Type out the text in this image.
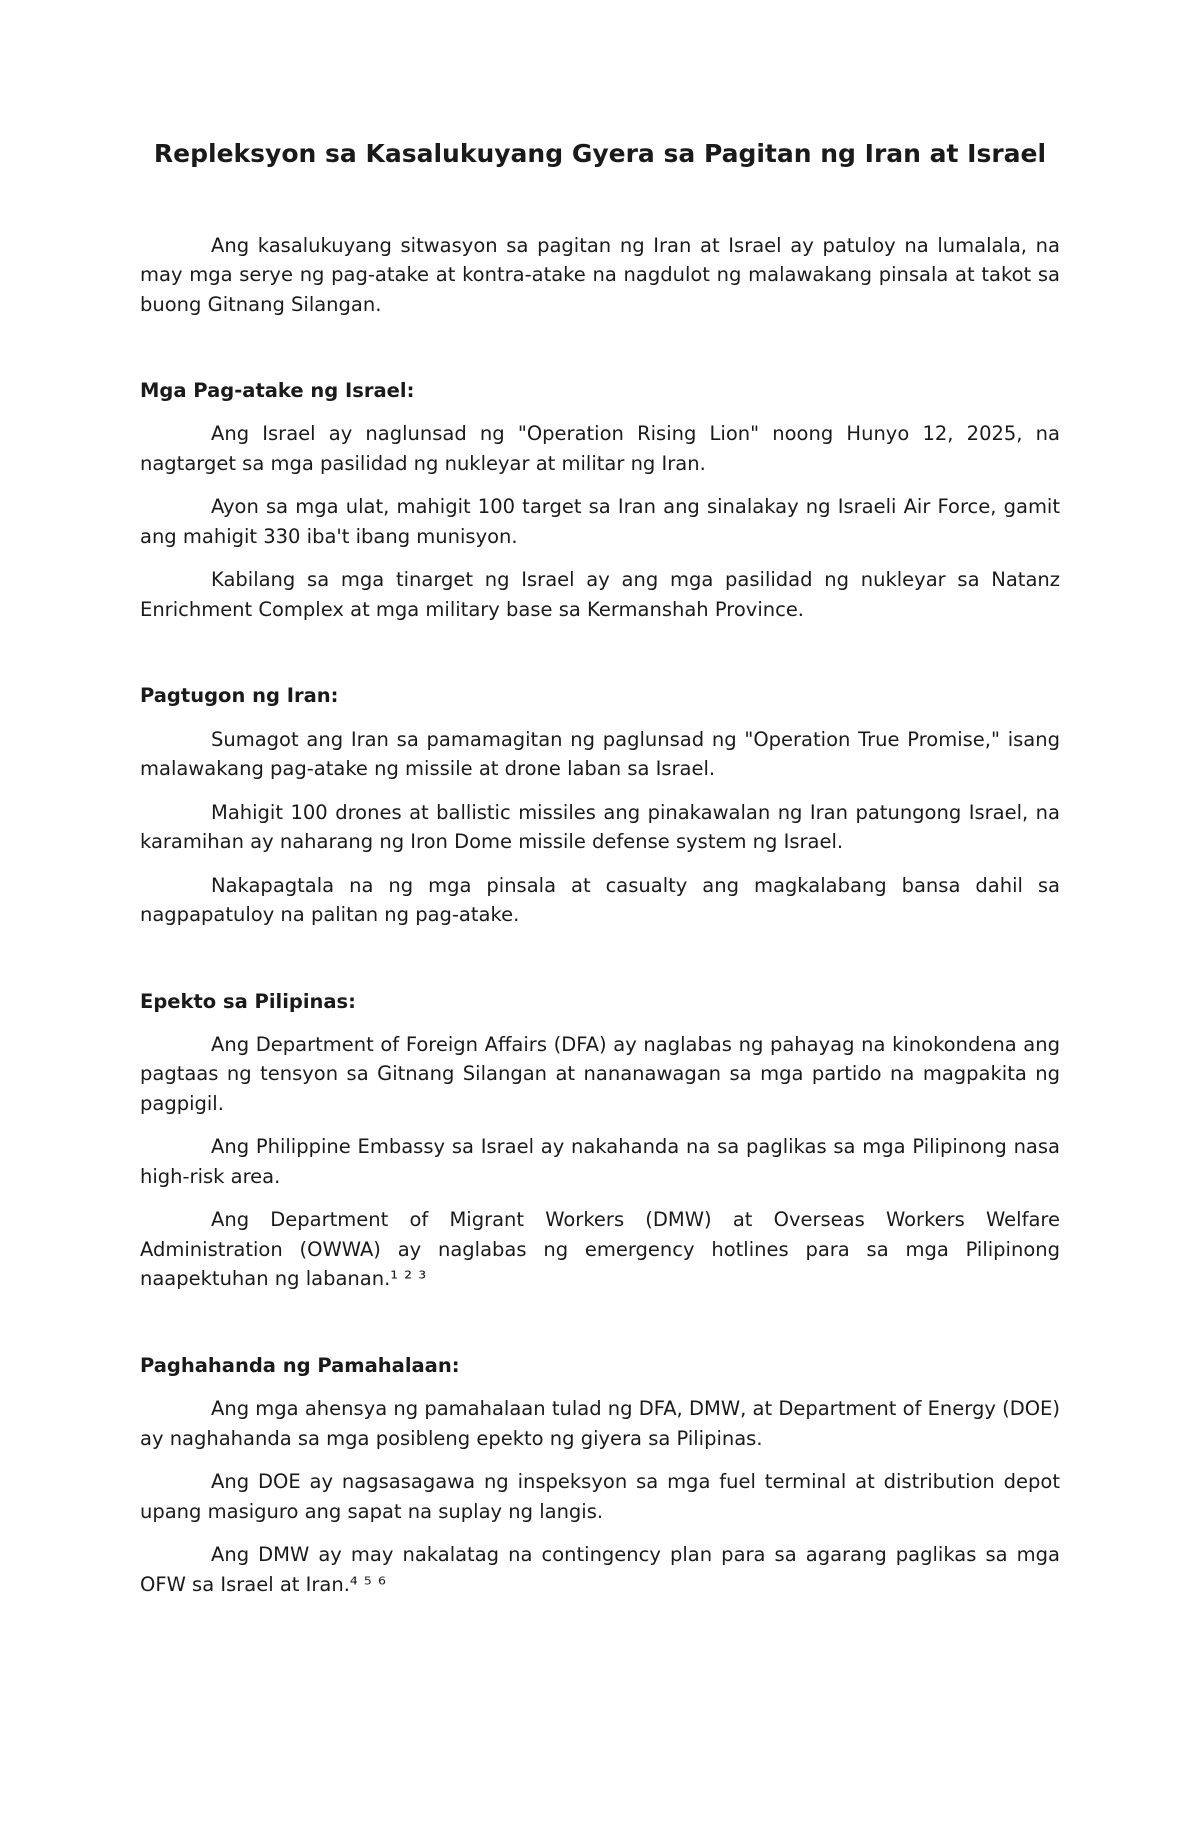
Repleksyon sa Kasalukuyang Gyera sa Pagitan ng Iran at Israel

Ang kasalukuyang sitwasyon sa pagitan ng Iran at Israel ay patuloy na lumalala, na may mga serye ng pag-atake at kontra-atake na nagdulot ng malawakang pinsala at takot sa buong Gitnang Silangan.

Mga Pag-atake ng Israel:

Ang Israel ay naglunsad ng "Operation Rising Lion" noong Hunyo 12, 2025, na nagtarget sa mga pasilidad ng nukleyar at militar ng Iran.

Ayon sa mga ulat, mahigit 100 target sa Iran ang sinalakay ng Israeli Air Force, gamit ang mahigit 330 iba't ibang munisyon.

Kabilang sa mga tinarget ng Israel ay ang mga pasilidad ng nukleyar sa Natanz Enrichment Complex at mga military base sa Kermanshah Province.

Pagtugon ng Iran:

Sumagot ang Iran sa pamamagitan ng paglunsad ng "Operation True Promise," isang malawakang pag-atake ng missile at drone laban sa Israel.

Mahigit 100 drones at ballistic missiles ang pinakawalan ng Iran patungong Israel, na karamihan ay naharang ng Iron Dome missile defense system ng Israel.

Nakapagtala na ng mga pinsala at casualty ang magkalabang bansa dahil sa nagpapatuloy na palitan ng pag-atake.

Epekto sa Pilipinas:

Ang Department of Foreign Affairs (DFA) ay naglabas ng pahayag na kinokondena ang pagtaas ng tensyon sa Gitnang Silangan at nananawagan sa mga partido na magpakita ng pagpigil.

Ang Philippine Embassy sa Israel ay nakahanda na sa paglikas sa mga Pilipinong nasa high-risk area.

Ang Department of Migrant Workers (DMW) at Overseas Workers Welfare Administration (OWWA) ay naglabas ng emergency hotlines para sa mga Pilipinong naapektuhan ng labanan.¹ ² ³

Paghahanda ng Pamahalaan:

Ang mga ahensya ng pamahalaan tulad ng DFA, DMW, at Department of Energy (DOE) ay naghahanda sa mga posibleng epekto ng giyera sa Pilipinas.

Ang DOE ay nagsasagawa ng inspeksyon sa mga fuel terminal at distribution depot upang masiguro ang sapat na suplay ng langis.

Ang DMW ay may nakalatag na contingency plan para sa agarang paglikas sa mga OFW sa Israel at Iran.⁴ ⁵ ⁶
